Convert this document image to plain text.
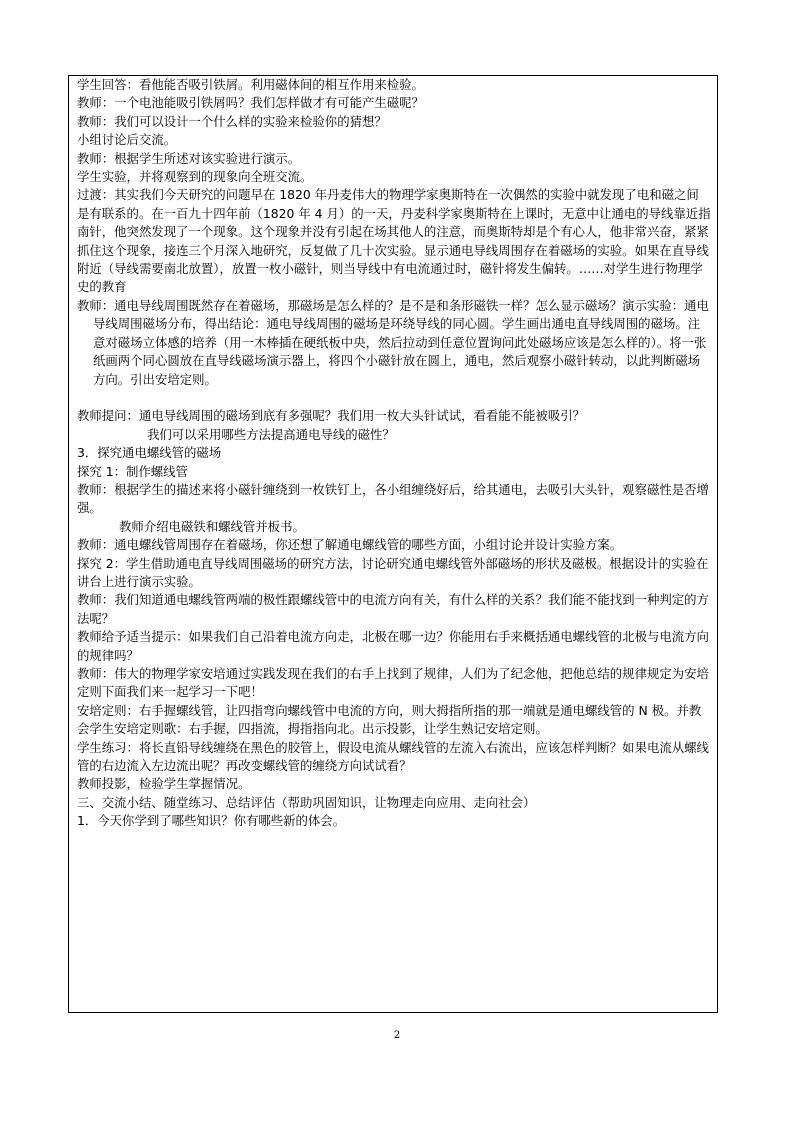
学生回答：看他能否吸引铁屑。利用磁体间的相互作用来检验。

教师：一个电池能吸引铁屑吗？我们怎样做才有可能产生磁呢？

教师：我们可以设计一个什么样的实验来检验你的猜想？

小组讨论后交流。

教师：根据学生所述对该实验进行演示。

学生实验，并将观察到的现象向全班交流。

过渡：其实我们今天研究的问题早在 1820 年丹麦伟大的物理学家奥斯特在一次偶然的实验中就发现了电和磁之间是有联系的。在一百九十四年前（1820 年 4 月）的一天，丹麦科学家奥斯特在上课时，无意中让通电的导线靠近指南针，他突然发现了一个现象。这个现象并没有引起在场其他人的注意，而奥斯特却是个有心人，他非常兴奋，紧紧抓住这个现象，接连三个月深入地研究，反复做了几十次实验。显示通电导线周围存在着磁场的实验。如果在直导线附近（导线需要南北放置），放置一枚小磁针，则当导线中有电流通过时，磁针将发生偏转。……对学生进行物理学史的教育

教师：通电导线周围既然存在着磁场，那磁场是怎么样的？是不是和条形磁铁一样？怎么显示磁场？演示实验：通电导线周围磁场分布，得出结论：通电导线周围的磁场是环绕导线的同心圆。学生画出通电直导线周围的磁场。注意对磁场立体感的培养（用一木棒插在硬纸板中央，然后拉动到任意位置询问此处磁场应该是怎么样的）。将一张纸画两个同心圆放在直导线磁场演示器上，将四个小磁针放在圆上，通电，然后观察小磁针转动，以此判断磁场方向。引出安培定则。

教师提问：通电导线周围的磁场到底有多强呢？我们用一枚大头针试试，看看能不能被吸引？

我们可以采用哪些方法提高通电导线的磁性？

3．探究通电螺线管的磁场

探究 1：制作螺线管

教师：根据学生的描述来将小磁针缠绕到一枚铁钉上，各小组缠绕好后，给其通电，去吸引大头针，观察磁性是否增强。

教师介绍电磁铁和螺线管并板书。

教师：通电螺线管周围存在着磁场，你还想了解通电螺线管的哪些方面，小组讨论并设计实验方案。

探究 2：学生借助通电直导线周围磁场的研究方法，讨论研究通电螺线管外部磁场的形状及磁极。根据设计的实验在讲台上进行演示实验。

教师：我们知道通电螺线管两端的极性跟螺线管中的电流方向有关，有什么样的关系？我们能不能找到一种判定的方法呢？

教师给予适当提示：如果我们自己沿着电流方向走，北极在哪一边？你能用右手来概括通电螺线管的北极与电流方向的规律吗？

教师：伟大的物理学家安培通过实践发现在我们的右手上找到了规律，人们为了纪念他，把他总结的规律规定为安培定则下面我们来一起学习一下吧！

安培定则：右手握螺线管，让四指弯向螺线管中电流的方向，则大拇指所指的那一端就是通电螺线管的 N 极。并教会学生安培定则歌：右手握，四指流，拇指指向北。出示投影，让学生熟记安培定则。

学生练习：将长直铅导线缠绕在黑色的胶管上，假设电流从螺线管的左流入右流出，应该怎样判断？如果电流从螺线管的右边流入左边流出呢？再改变螺线管的缠绕方向试试看？

教师投影，检验学生掌握情况。

三、交流小结、随堂练习、总结评估（帮助巩固知识，让物理走向应用、走向社会）

1．今天你学到了哪些知识？你有哪些新的体会。

2
